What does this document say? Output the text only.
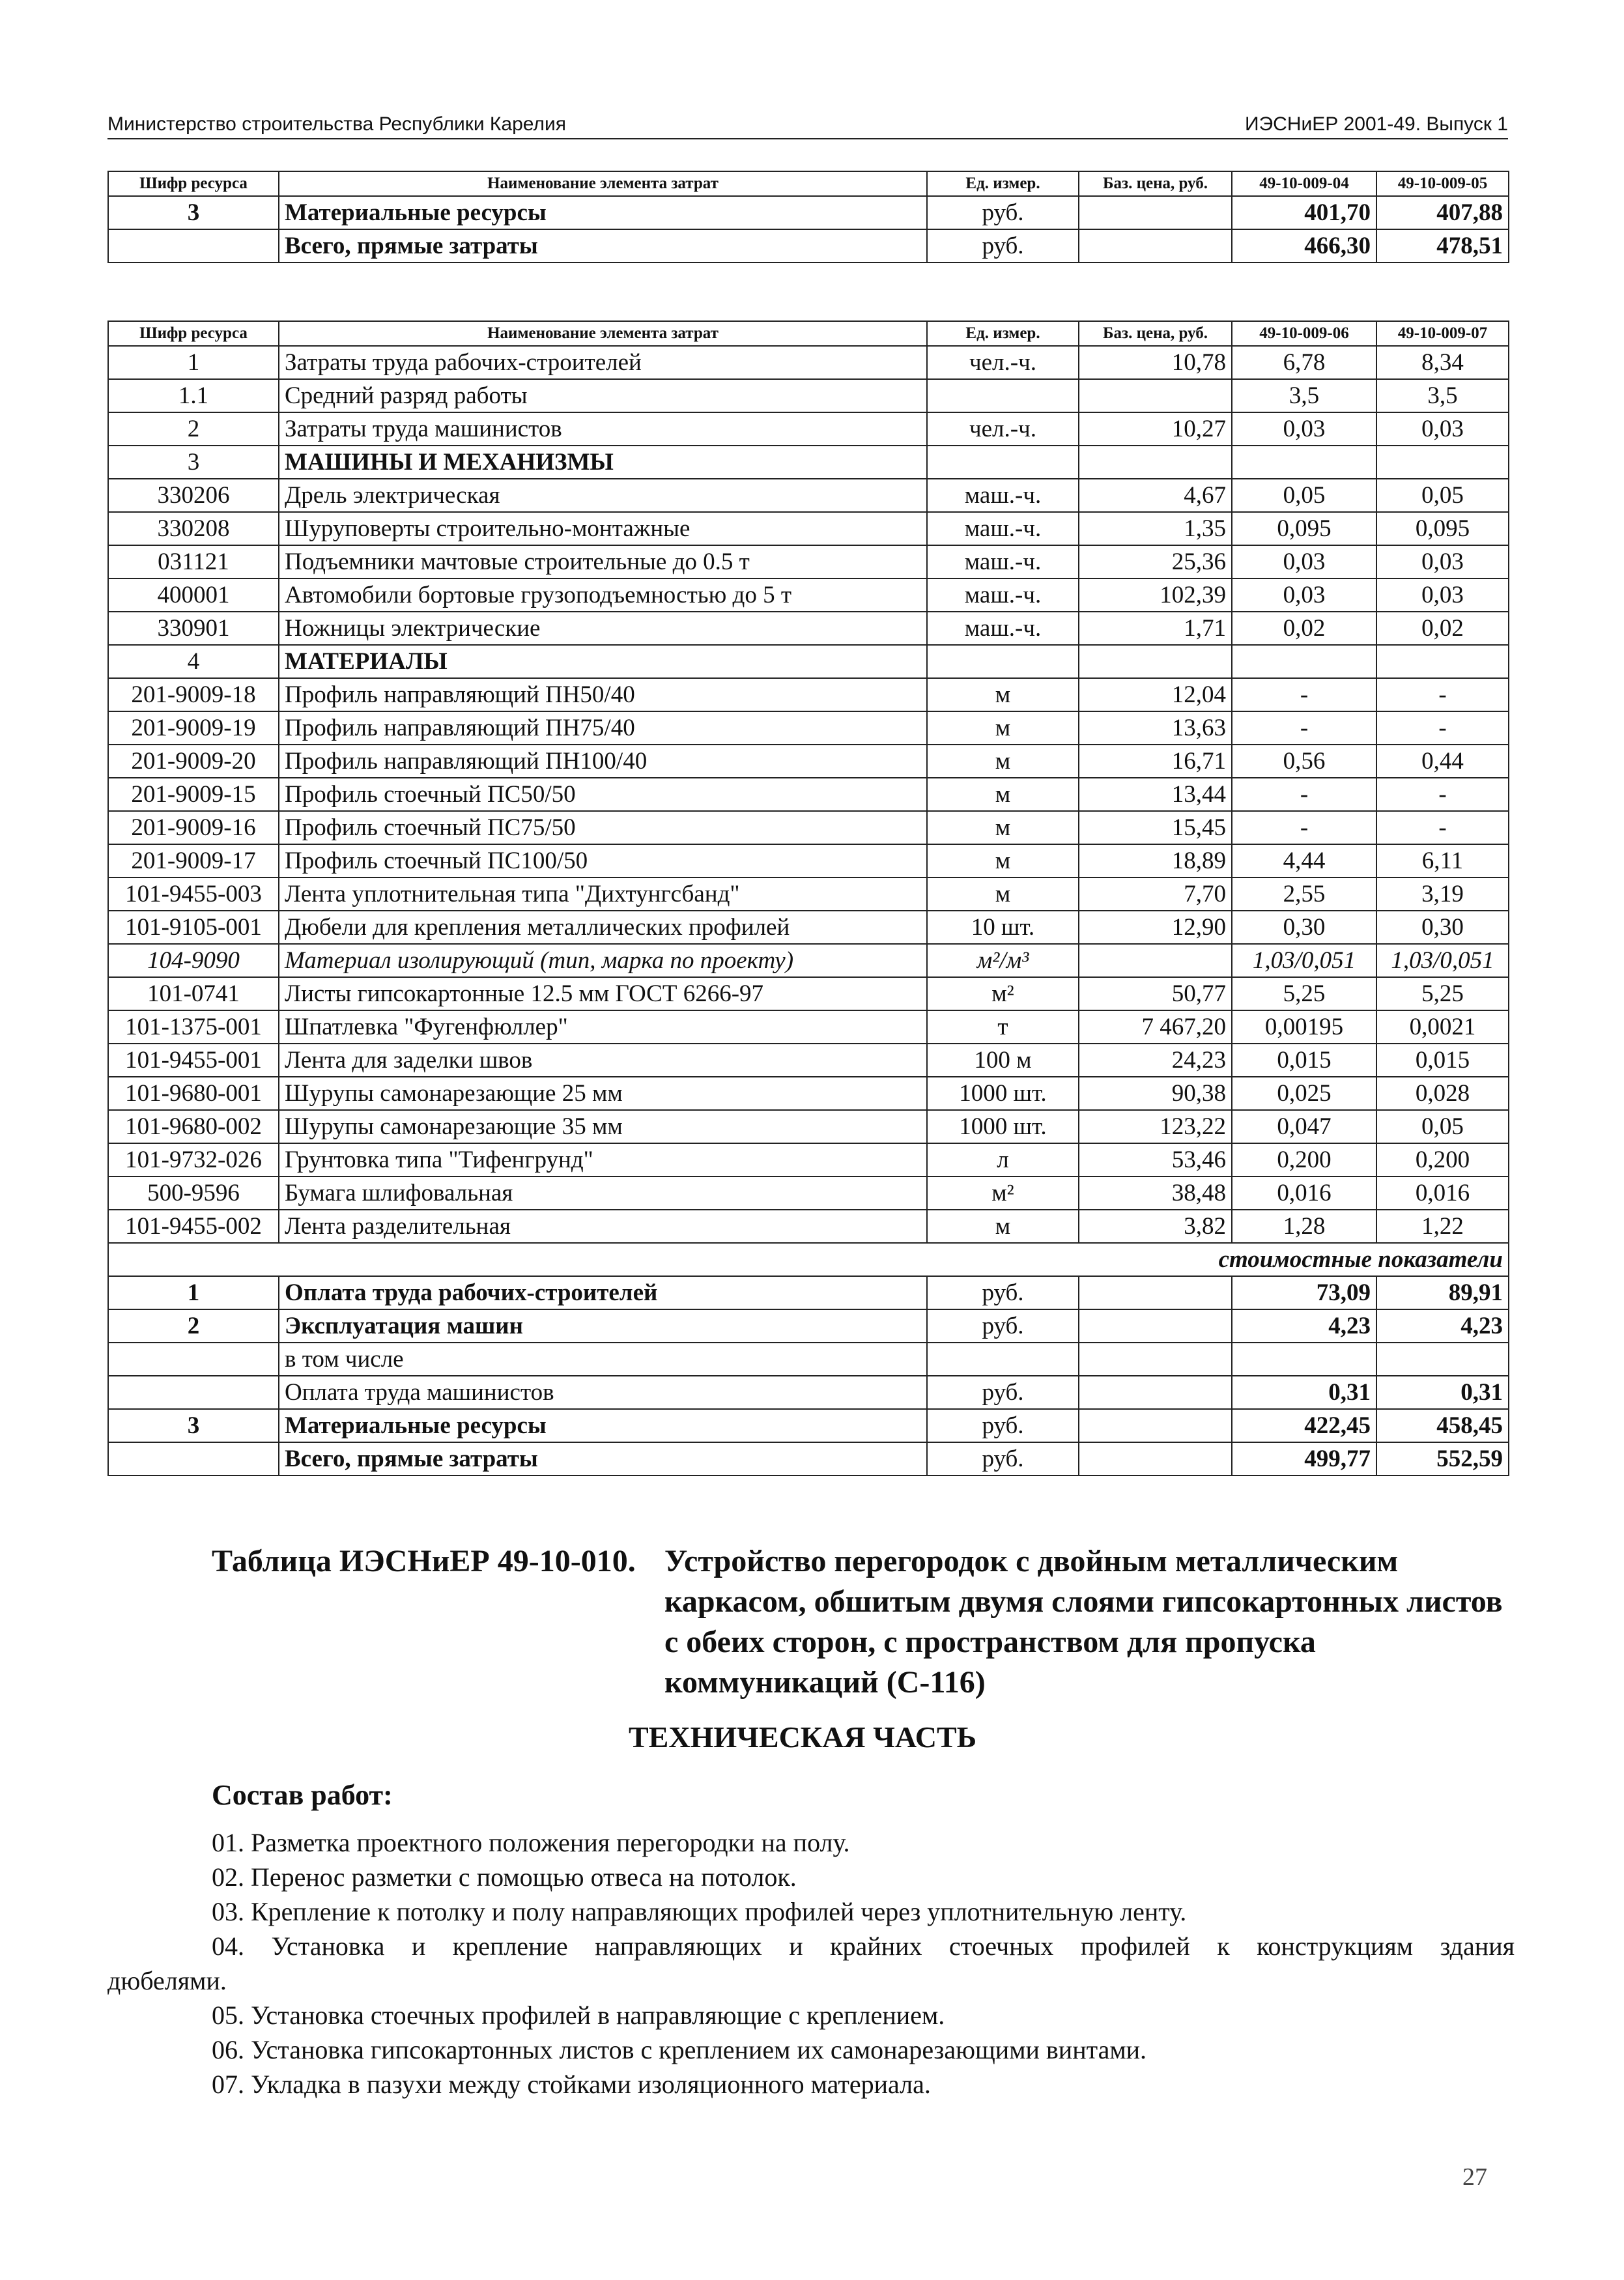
Министерство строительства Республики Карелия	ИЭСНиЕР 2001-49. Выпуск 1
Шифр ресурса	Наименование элемента затрат	Ед. измер.	Баз. цена, руб.	49-10-009-04	49-10-009-05
3	Материальные ресурсы	руб.		401,70	407,88
	Всего, прямые затраты	руб.		466,30	478,51
Шифр ресурса	Наименование элемента затрат	Ед. измер.	Баз. цена, руб.	49-10-009-06	49-10-009-07
1	Затраты труда рабочих-строителей	чел.-ч.	10,78	6,78	8,34
1.1	Средний разряд работы			3,5	3,5
2	Затраты труда машинистов	чел.-ч.	10,27	0,03	0,03
3	МАШИНЫ И МЕХАНИЗМЫ				
330206	Дрель электрическая	маш.-ч.	4,67	0,05	0,05
330208	Шуруповерты строительно-монтажные	маш.-ч.	1,35	0,095	0,095
031121	Подъемники мачтовые строительные до 0.5 т	маш.-ч.	25,36	0,03	0,03
400001	Автомобили бортовые грузоподъемностью до 5 т	маш.-ч.	102,39	0,03	0,03
330901	Ножницы электрические	маш.-ч.	1,71	0,02	0,02
4	МАТЕРИАЛЫ				
201-9009-18	Профиль направляющий ПН50/40	м	12,04	-	-
201-9009-19	Профиль направляющий ПН75/40	м	13,63	-	-
201-9009-20	Профиль направляющий ПН100/40	м	16,71	0,56	0,44
201-9009-15	Профиль стоечный ПС50/50	м	13,44	-	-
201-9009-16	Профиль стоечный ПС75/50	м	15,45	-	-
201-9009-17	Профиль стоечный ПС100/50	м	18,89	4,44	6,11
101-9455-003	Лента уплотнительная типа "Дихтунгсбанд"	м	7,70	2,55	3,19
101-9105-001	Дюбели для крепления металлических профилей	10 шт.	12,90	0,30	0,30
104-9090	Материал изолирующий (тип, марка по проекту)	м²/м³		1,03/0,051	1,03/0,051
101-0741	Листы гипсокартонные 12.5 мм ГОСТ 6266-97	м²	50,77	5,25	5,25
101-1375-001	Шпатлевка "Фугенфюллер"	т	7 467,20	0,00195	0,0021
101-9455-001	Лента для заделки швов	100 м	24,23	0,015	0,015
101-9680-001	Шурупы самонарезающие 25 мм	1000 шт.	90,38	0,025	0,028
101-9680-002	Шурупы самонарезающие 35 мм	1000 шт.	123,22	0,047	0,05
101-9732-026	Грунтовка типа "Тифенгрунд"	л	53,46	0,200	0,200
500-9596	Бумага шлифовальная	м²	38,48	0,016	0,016
101-9455-002	Лента разделительная	м	3,82	1,28	1,22
стоимостные показатели					
1	Оплата труда рабочих-строителей	руб.		73,09	89,91
2	Эксплуатация машин	руб.		4,23	4,23
	в том числе				
	Оплата труда машинистов	руб.		0,31	0,31
3	Материальные ресурсы	руб.		422,45	458,45
	Всего, прямые затраты	руб.		499,77	552,59
Таблица ИЭСНиЕР 49-10-010. Устройство перегородок с двойным металлическим каркасом, обшитым двумя слоями гипсокартонных листов с обеих сторон, с пространством для пропуска коммуникаций (С-116)
ТЕХНИЧЕСКАЯ ЧАСТЬ
Состав работ:
01. Разметка проектного положения перегородки на полу.
02. Перенос разметки с помощью отвеса на потолок.
03. Крепление к потолку и полу направляющих профилей через уплотнительную ленту.
04. Установка и крепление направляющих и крайних стоечных профилей к конструкциям здания
дюбелями.
05. Установка стоечных профилей в направляющие с креплением.
06. Установка гипсокартонных листов с креплением их самонарезающими винтами.
07. Укладка в пазухи между стойками изоляционного материала.
27
